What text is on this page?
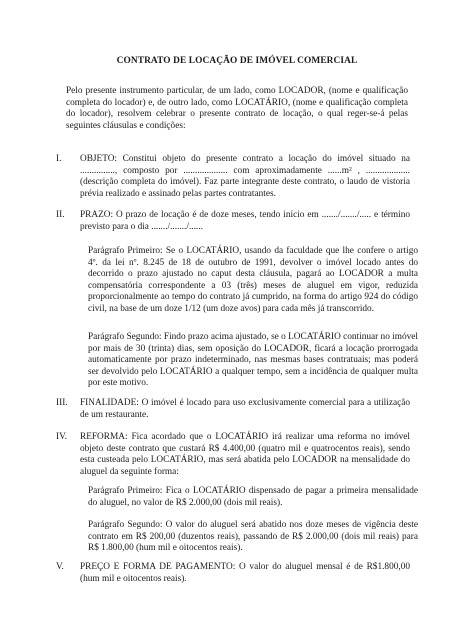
CONTRATO DE LOCAÇÃO DE IMÓVEL COMERCIAL

Pelo presente instrumento particular, de um lado, como LOCADOR, (nome e qualificação completa do locador) e, de outro lado, como LOCATÁRIO, (nome e qualificação completa do locador), resolvem celebrar o presente contrato de locação, o qual reger-se-á pelas seguintes cláusulas e condições:

I.	OBJETO: Constitui objeto do presente contrato a locação do imóvel situado na ..............., composto por ................... com aproximadamente ......m² , ...................(descrição completa do imóvel). Faz parte integrante deste contrato, o laudo de vistoria prévia realizado e assinado pelas partes contratantes.

II.	PRAZO: O prazo de locação é de doze meses, tendo início em ......./......./..... e término previsto para o dia ......./......./......

Parágrafo Primeiro: Se o LOCATÁRIO, usando da faculdade que lhe confere o artigo 4º. da lei nº. 8.245 de 18 de outubro de 1991, devolver o imóvel locado antes do decorrido o prazo ajustado no caput desta cláusula, pagará ao LOCADOR a multa compensatória correspondente a 03 (três) meses de aluguel em vigor, reduzida proporcionalmente ao tempo do contrato já cumprido, na forma do artigo 924 do código civil, na base de um doze 1/12 (um doze avos) para cada mês já transcorrido.

Parágrafo Segundo: Findo prazo acima ajustado, se o LOCATÁRIO continuar no imóvel por mais de 30 (trinta) dias, sem oposição do LOCADOR, ficará a locação prorrogada automaticamente por prazo indeterminado, nas mesmas bases contratuais; mas poderá ser devolvido pelo LOCATÁRIO a qualquer tempo, sem a incidência de qualquer multa por este motivo.

III.	FINALIDADE: O imóvel é locado para uso exclusivamente comercial para a utilização de um restaurante.

IV.	REFORMA: Fica acordado que o LOCATÁRIO irá realizar uma reforma no imóvel objeto deste contrato que custará R$ 4.400,00 (quatro mil e quatrocentos reais), sendo esta custeada pelo LOCATÁRIO, mas será abatida pelo LOCADOR na mensalidade do aluguel da seguinte forma:

Parágrafo Primeiro: Fica o LOCATÁRIO dispensado de pagar a primeira mensalidade do aluguel, no valor de R$ 2.000,00 (dois mil reais).

Parágrafo Segundo: O valor do aluguel será abatido nos doze meses de vigência deste contrato em R$ 200,00 (duzentos reais), passando de R$ 2.000,00 (dois mil reais) para R$ 1.800,00 (hum mil e oitocentos reais).

V.	PREÇO E FORMA DE PAGAMENTO: O valor do aluguel mensal é de R$1.800,00 (hum mil e oitocentos reais).
